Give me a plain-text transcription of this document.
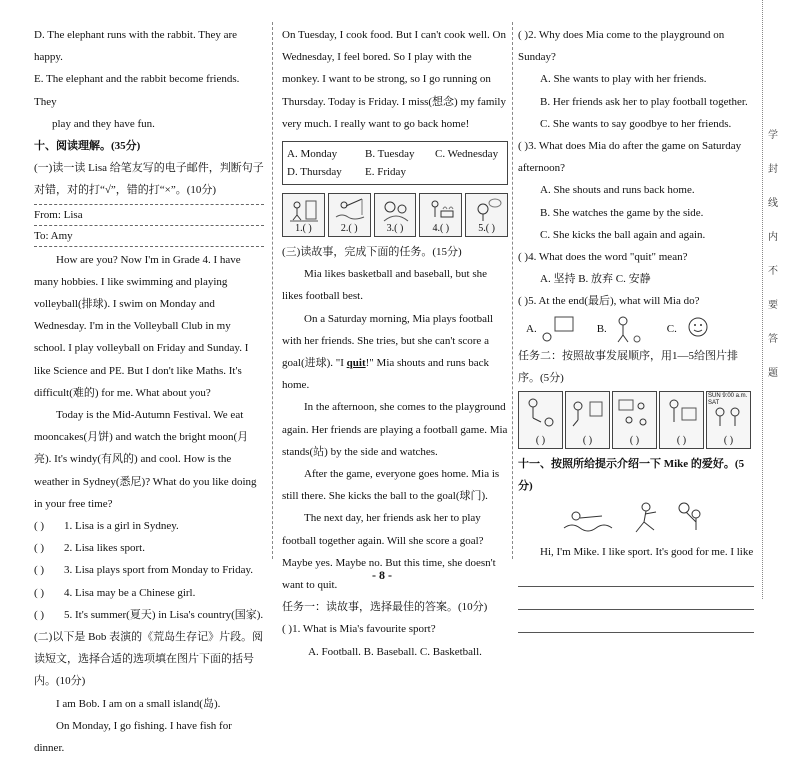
D. The elephant runs with the rabbit. They are happy.

E. The elephant and the rabbit become friends. They

play and they have fun.

十、阅读理解。(35分)

(一)读一读 Lisa 给笔友写的电子邮件，判断句子对错，对的打“√”，错的打“×”。(10分)

From: Lisa
To: Amy

How are you? Now I'm in Grade 4. I have many hobbies. I like swimming and playing volleyball(排球). I swim on Monday and Wednesday. I'm in the Volleyball Club in my school. I play volleyball on Friday and Sunday. I like Science and PE. But I don't like Maths. It's difficult(难的) for me. What about you?

Today is the Mid-Autumn Festival. We eat mooncakes(月饼) and watch the bright moon(月亮). It's windy(有风的) and cool. How is the weather in Sydney(悉尼)? What do you like doing in your free time?

( )	1. Lisa is a girl in Sydney.
( )	2. Lisa likes sport.
( )	3. Lisa plays sport from Monday to Friday.
( )	4. Lisa may be a Chinese girl.
( )	5. It's summer(夏天) in Lisa's country(国家).

(二)以下是 Bob 表演的《荒岛生存记》片段。阅读短文，选择合适的选项填在图片下面的括号内。(10分)

I am Bob. I am on a small island(岛).

On Monday, I go fishing. I have fish for dinner.

On Tuesday, I cook food. But I can't cook well. On Wednesday, I feel bored. So I play with the monkey. I want to be strong, so I go running on Thursday. Today is Friday. I miss(想念) my family very much. I really want to go back home!

A. Monday	B. Tuesday	C. Wednesday
D. Thursday	E. Friday
1.( )	2.( )	3.( )	4.( )	5.( )

(三)读故事，完成下面的任务。(15分)

Mia likes basketball and baseball, but she likes football best.

On a Saturday morning, Mia plays football with her friends. She tries, but she can't score a goal(进球). "I quit!" Mia shouts and runs back home.

In the afternoon, she comes to the playground again. Her friends are playing a football game. Mia stands(站) by the side and watches.

After the game, everyone goes home. Mia is still there. She kicks the ball to the goal(球门).

The next day, her friends ask her to play football together again. Will she score a goal? Maybe yes. Maybe no. But this time, she doesn't want to quit.

任务一：读故事，选择最佳的答案。(10分)

( )1. What is Mia's favourite sport?

A. Football. B. Baseball. C. Basketball.

( )2. Why does Mia come to the playground on Sunday?

A. She wants to play with her friends.

B. Her friends ask her to play football together.

C. She wants to say goodbye to her friends.

( )3. What does Mia do after the game on Saturday afternoon?

A. She shouts and runs back home.

B. She watches the game by the side.

C. She kicks the ball again and again.

( )4. What does the word "quit" mean?

A. 坚持 B. 放弃 C. 安静

( )5. At the end(最后), what will Mia do?

A.	B.	C.

任务二：按照故事发展顺序，用1—5给图片排序。(5分)

( )	( )	( )	( )
SUN 9:00 a.m. SAT
( )

十一、按照所给提示介绍一下 Mike 的爱好。(5分)

Hi, I'm Mike. I like sport. It's good for me. I like

- 8 -
学
封
线
内
不
要
答
题
